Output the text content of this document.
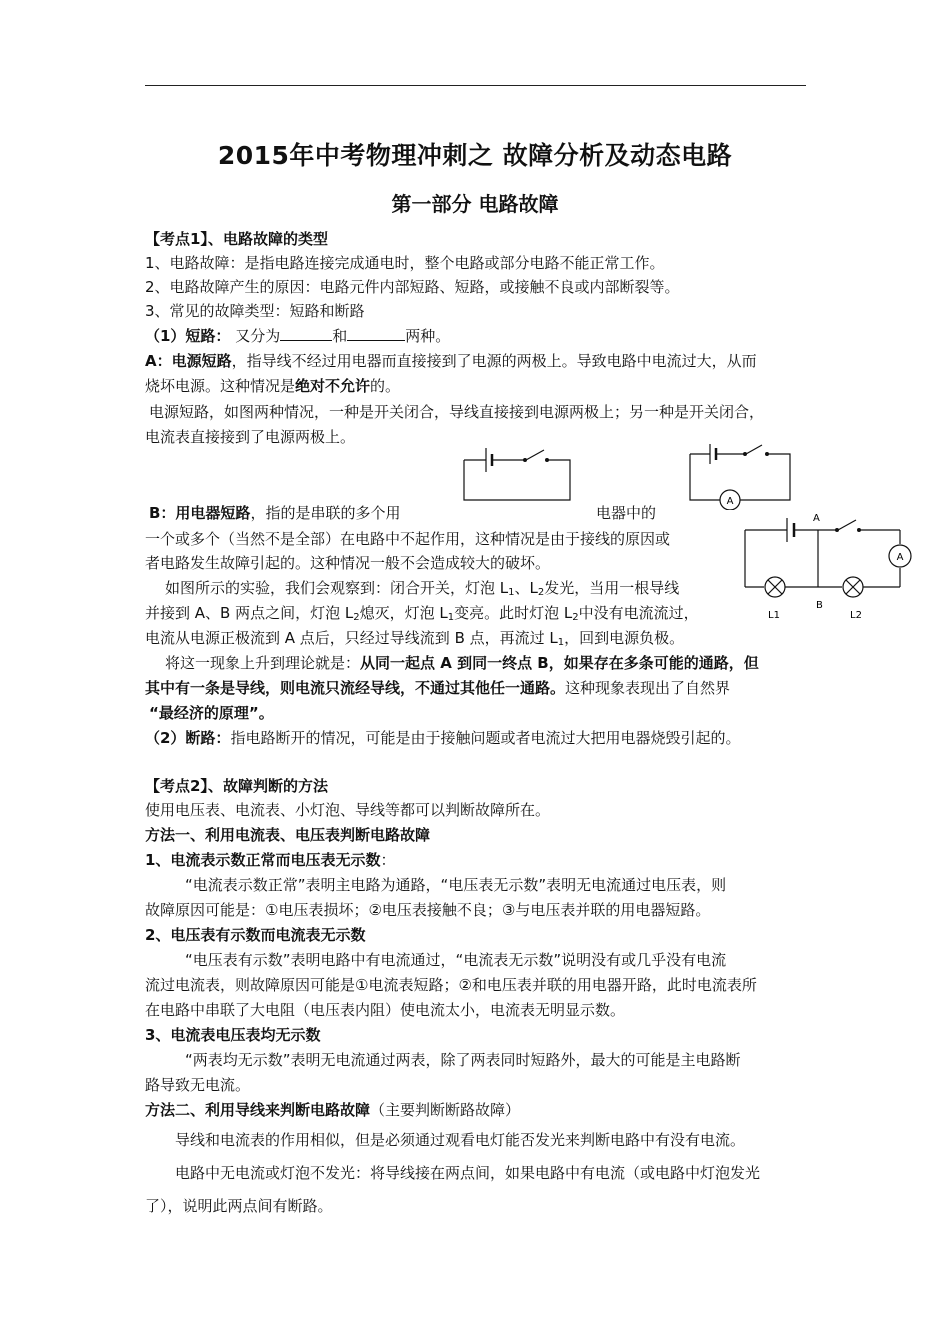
2015年中考物理冲刺之 故障分析及动态电路
第一部分 电路故障
【考点1】、电路故障的类型
1、电路故障：是指电路连接完成通电时，整个电路或部分电路不能正常工作。
2、电路故障产生的原因：电路元件内部短路、短路，或接触不良或内部断裂等。
3、常见的故障类型：短路和断路
（1）短路： 又分为	和	两种。
A：电源短路，指导线不经过用电器而直接接到了电源的两极上。导致电路中电流过大，从而
烧坏电源。这种情况是绝对不允许的。
电源短路，如图两种情况，一种是开关闭合，导线直接接到电源两极上；另一种是开关闭合，
电流表直接接到了电源两极上。
A
B：用电器短路，指的是串联的多个用	电器中的
一个或多个（当然不是全部）在电路中不起作用，这种情况是由于接线的原因或
者电路发生故障引起的。这种情况一般不会造成较大的破坏。	A
A
B
L1	L2
如图所示的实验，我们会观察到：闭合开关，灯泡 $L_1$、$L_2$发光，当用一根导线
并接到 A、B 两点之间，灯泡 $L_2$熄灭，灯泡 $L_1$变亮。此时灯泡 $L_2$中没有电流流过，
电流从电源正极流到 A 点后，只经过导线流到 B 点，再流过 $L_1$，回到电源负极。
将这一现象上升到理论就是：从同一起点 A 到同一终点 B，如果存在多条可能的通路，但
其中有一条是导线，则电流只流经导线，不通过其他任一通路。这种现象表现出了自然界
“最经济的原理”。
（2）断路：指电路断开的情况，可能是由于接触问题或者电流过大把用电器烧毁引起的。
【考点2】、故障判断的方法
使用电压表、电流表、小灯泡、导线等都可以判断故障所在。
方法一、利用电流表、电压表判断电路故障
1、电流表示数正常而电压表无示数：
“电流表示数正常”表明主电路为通路，“电压表无示数”表明无电流通过电压表，则
故障原因可能是：①电压表损坏；②电压表接触不良；③与电压表并联的用电器短路。
2、电压表有示数而电流表无示数
“电压表有示数”表明电路中有电流通过，“电流表无示数”说明没有或几乎没有电流
流过电流表，则故障原因可能是①电流表短路；②和电压表并联的用电器开路，此时电流表所
在电路中串联了大电阻（电压表内阻）使电流太小，电流表无明显示数。
3、电流表电压表均无示数
“两表均无示数”表明无电流通过两表，除了两表同时短路外，最大的可能是主电路断
路导致无电流。
方法二、利用导线来判断电路故障（主要判断断路故障）
导线和电流表的作用相似，但是必须通过观看电灯能否发光来判断电路中有没有电流。
电路中无电流或灯泡不发光：将导线接在两点间，如果电路中有电流（或电路中灯泡发光
了），说明此两点间有断路。
